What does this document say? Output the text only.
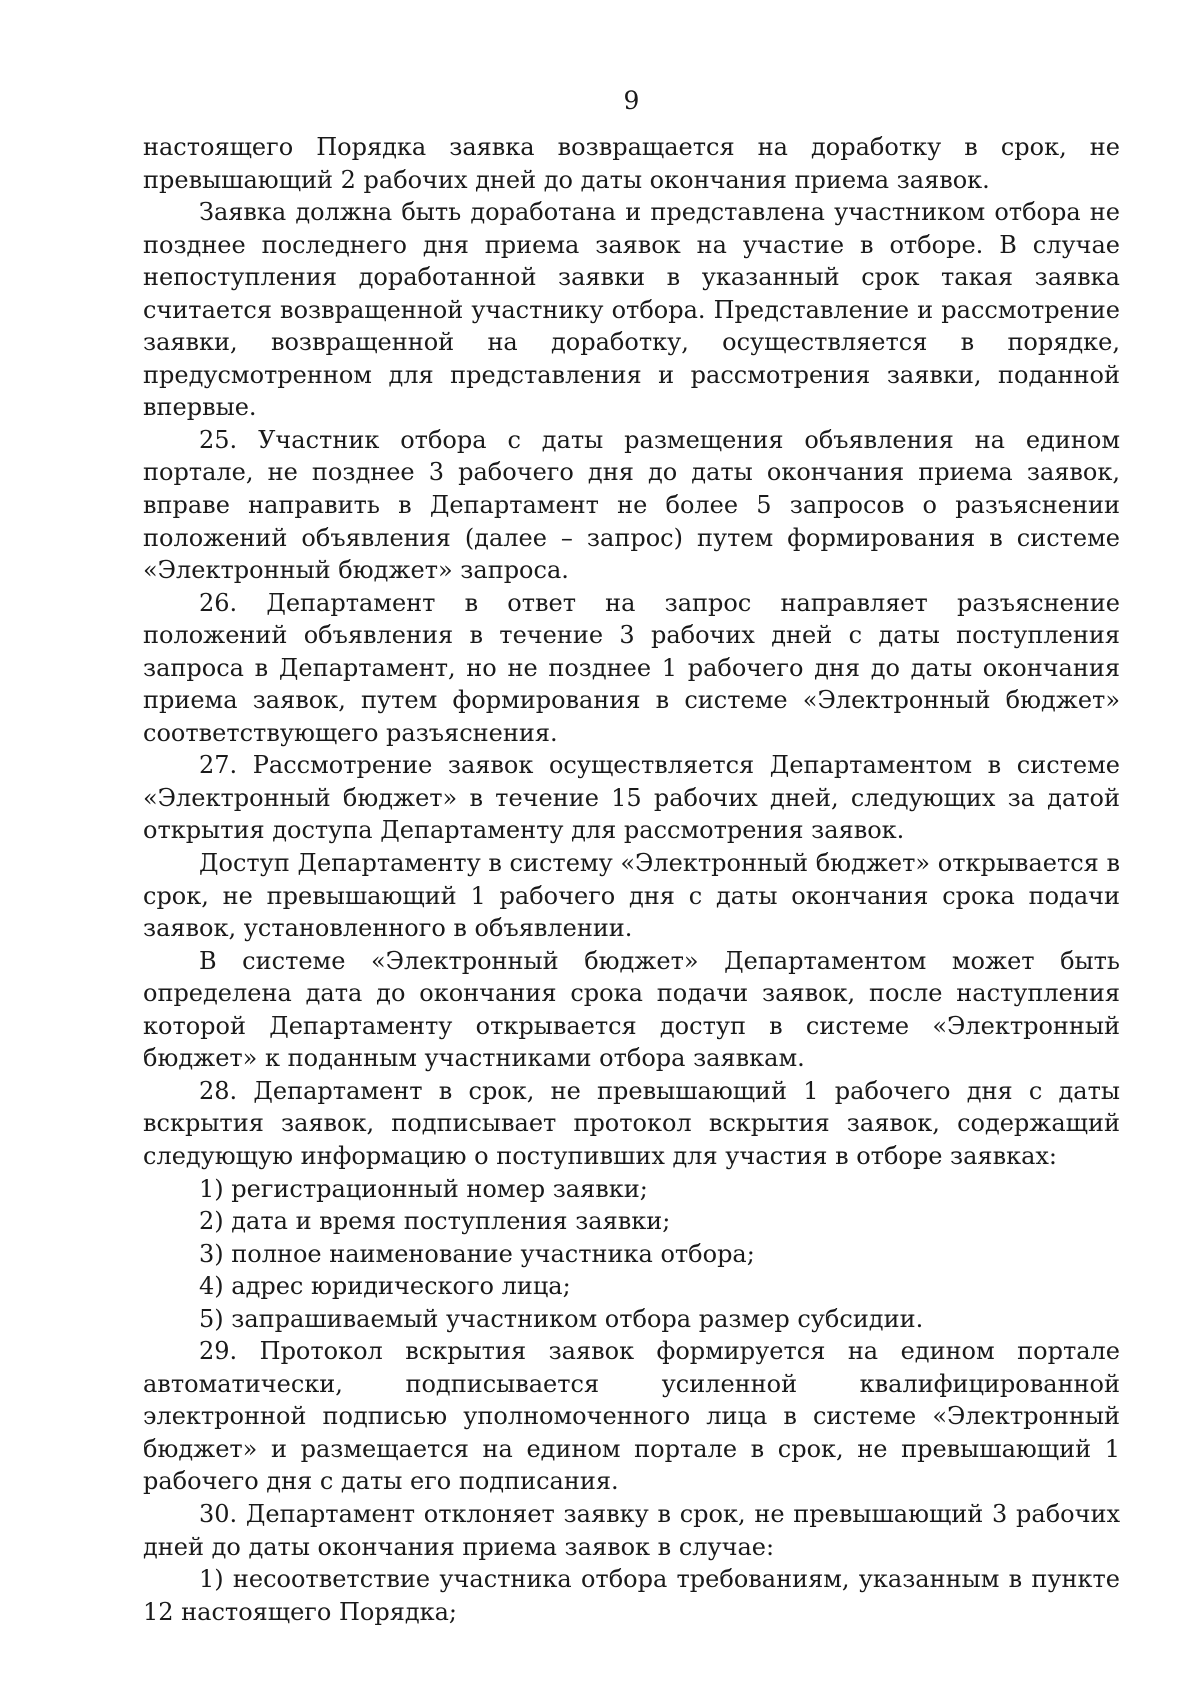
9

настоящего Порядка заявка возвращается на доработку в срок, не превышающий 2 рабочих дней до даты окончания приема заявок.

Заявка должна быть доработана и представлена участником отбора не позднее последнего дня приема заявок на участие в отборе. В случае непоступления доработанной заявки в указанный срок такая заявка считается возвращенной участнику отбора. Представление и рассмотрение заявки, возвращенной на доработку, осуществляется в порядке, предусмотренном для представления и рассмотрения заявки, поданной впервые.

25. Участник отбора с даты размещения объявления на едином портале, не позднее 3 рабочего дня до даты окончания приема заявок, вправе направить в Департамент не более 5 запросов о разъяснении положений объявления (далее – запрос) путем формирования в системе «Электронный бюджет» запроса.

26. Департамент в ответ на запрос направляет разъяснение положений объявления в течение 3 рабочих дней с даты поступления запроса в Департамент, но не позднее 1 рабочего дня до даты окончания приема заявок, путем формирования в системе «Электронный бюджет» соответствующего разъяснения.

27. Рассмотрение заявок осуществляется Департаментом в системе «Электронный бюджет» в течение 15 рабочих дней, следующих за датой открытия доступа Департаменту для рассмотрения заявок.

Доступ Департаменту в систему «Электронный бюджет» открывается в срок, не превышающий 1 рабочего дня с даты окончания срока подачи заявок, установленного в объявлении.

В системе «Электронный бюджет» Департаментом может быть определена дата до окончания срока подачи заявок, после наступления которой Департаменту открывается доступ в системе «Электронный бюджет» к поданным участниками отбора заявкам.

28. Департамент в срок, не превышающий 1 рабочего дня с даты вскрытия заявок, подписывает протокол вскрытия заявок, содержащий следующую информацию о поступивших для участия в отборе заявках:

1) регистрационный номер заявки;

2) дата и время поступления заявки;

3) полное наименование участника отбора;

4) адрес юридического лица;

5) запрашиваемый участником отбора размер субсидии.

29. Протокол вскрытия заявок формируется на едином портале автоматически, подписывается усиленной квалифицированной электронной подписью уполномоченного лица в системе «Электронный бюджет» и размещается на едином портале в срок, не превышающий 1 рабочего дня с даты его подписания.

30. Департамент отклоняет заявку в срок, не превышающий 3 рабочих дней до даты окончания приема заявок в случае:

1) несоответствие участника отбора требованиям, указанным в пункте 12 настоящего Порядка;
